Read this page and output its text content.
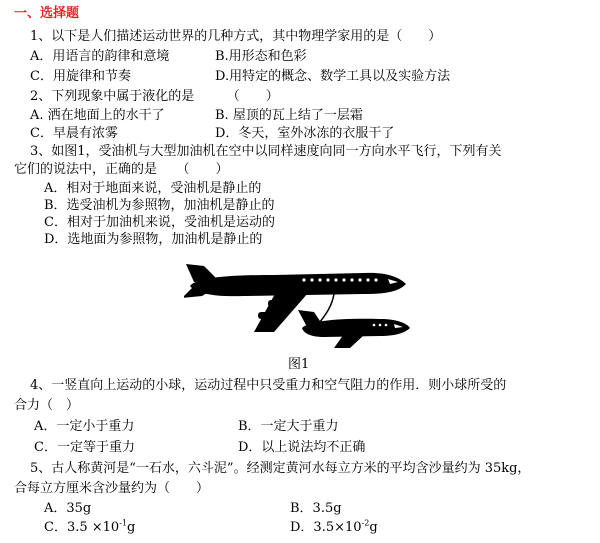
一、选择题
1、以下是人们描述运动世界的几种方式，其中物理学家用的是（　　）
A．用语言的韵律和意境	B.用形态和色彩
C．用旋律和节奏	D.用特定的概念、数学工具以及实验方法
2、下列现象中属于液化的是　　　（　　）
A. 洒在地面上的水干了	B. 屋顶的瓦上结了一层霜
C．早晨有浓雾	D．冬天，室外冰冻的衣服干了
3、如图1，受油机与大型加油机在空中以同样速度向同一方向水平飞行，下列有关
它们的说法中，正确的是　　（　　）
A．相对于地面来说，受油机是静止的
B．选受油机为参照物，加油机是静止的
C．相对于加油机来说，受油机是运动的
D．选地面为参照物，加油机是静止的
图1
4、一竖直向上运动的小球，运动过程中只受重力和空气阻力的作用．则小球所受的
合力（　）
A．一定小于重力	B．一定大于重力
C．一定等于重力	D．以上说法均不正确
5、古人称黄河是“一石水，六斗泥”。经测定黄河水每立方米的平均含沙量约为 35kg，
合每立方厘米含沙量约为（　　）
A．35g	B．3.5g
C．$3.5 \times 10^{-1}g$	D．$3.5\times 10^{-2}g$
